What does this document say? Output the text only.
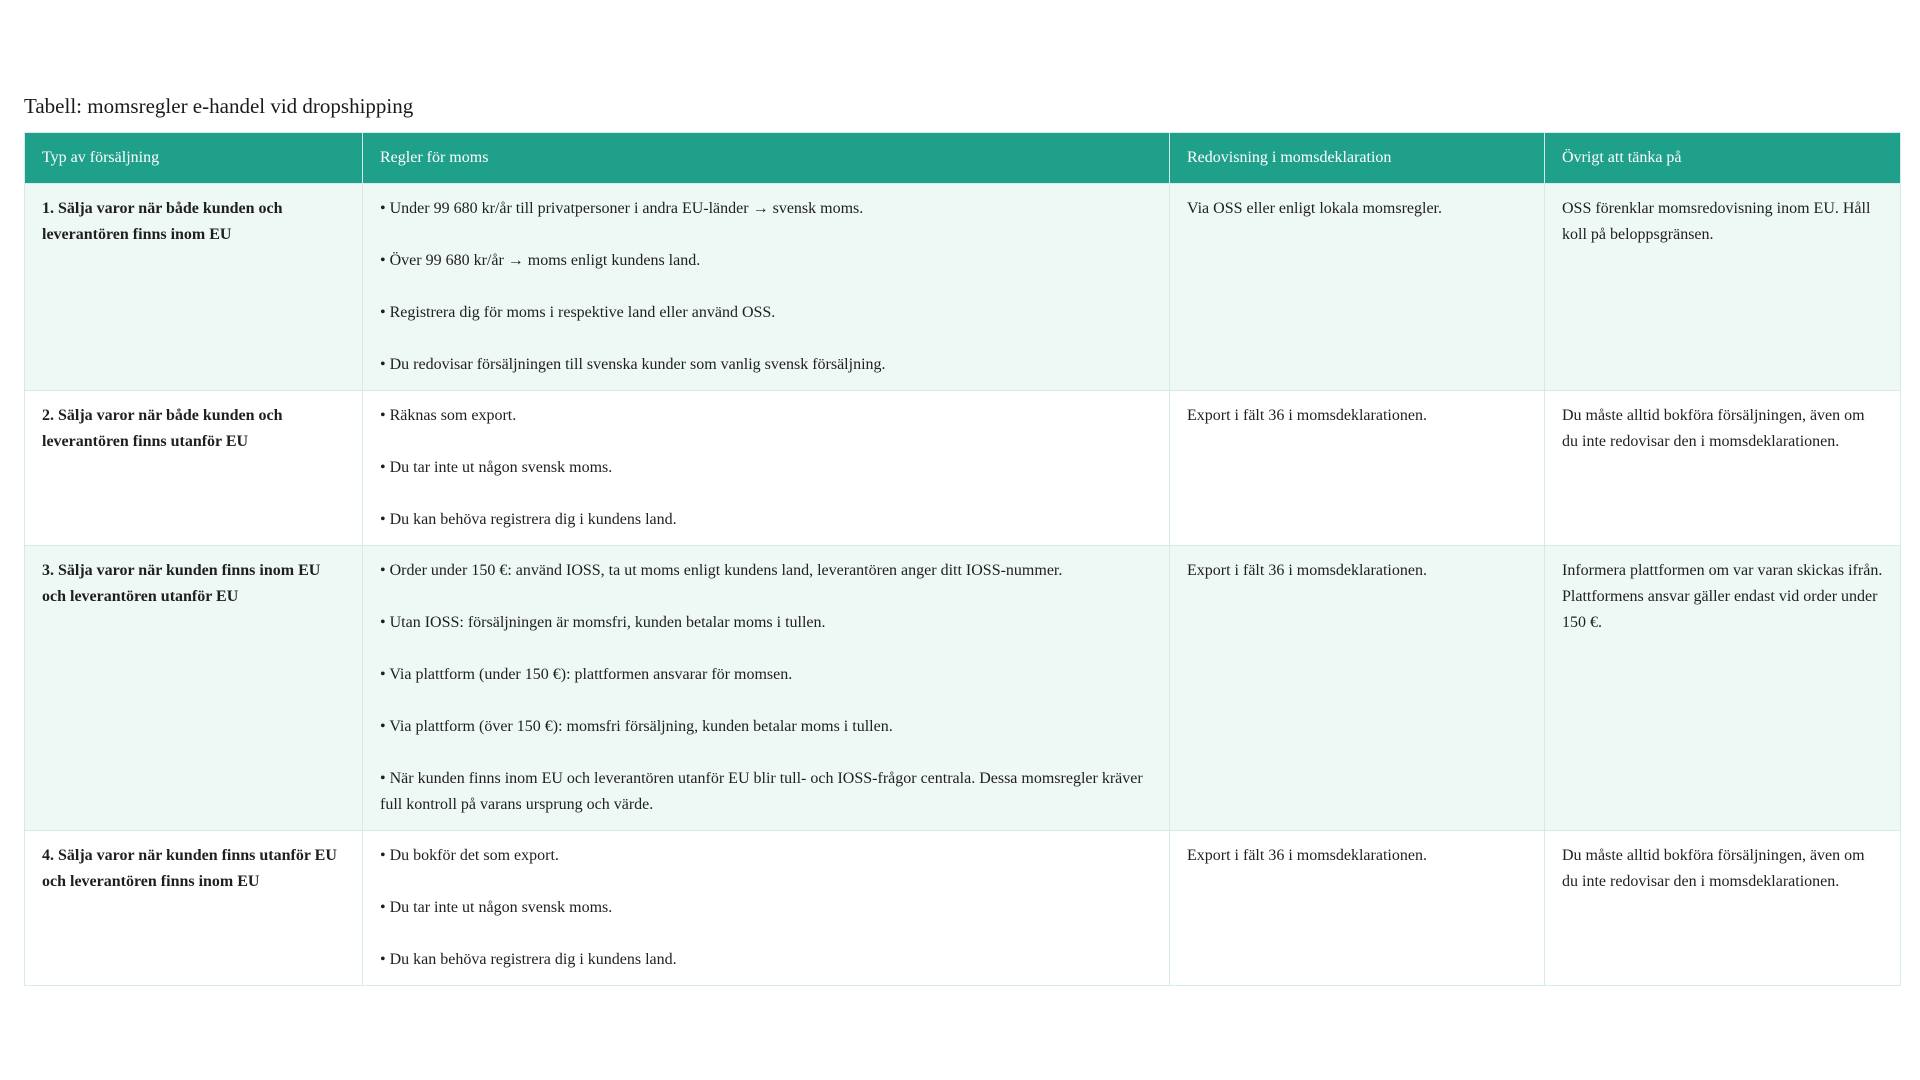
Tabell: momsregler e-handel vid dropshipping
Typ av försäljning	Regler för moms	Redovisning i momsdeklaration	Övrigt att tänka på
1. Sälja varor när både kunden och leverantören finns inom EU	• Under 99 680 kr/år till privatpersoner i andra EU-länder → svensk moms.
• Över 99 680 kr/år → moms enligt kundens land.
• Registrera dig för moms i respektive land eller använd OSS.
• Du redovisar försäljningen till svenska kunder som vanlig svensk försäljning.	Via OSS eller enligt lokala momsregler.	OSS förenklar momsredovisning inom EU. Håll koll på beloppsgränsen.
2. Sälja varor när både kunden och leverantören finns utanför EU	• Räknas som export.
• Du tar inte ut någon svensk moms.
• Du kan behöva registrera dig i kundens land.	Export i fält 36 i momsdeklarationen.	Du måste alltid bokföra försäljningen, även om du inte redovisar den i momsdeklarationen.
3. Sälja varor när kunden finns inom EU och leverantören utanför EU	• Order under 150 €: använd IOSS, ta ut moms enligt kundens land, leverantören anger ditt IOSS-nummer.
• Utan IOSS: försäljningen är momsfri, kunden betalar moms i tullen.
• Via plattform (under 150 €): plattformen ansvarar för momsen.
• Via plattform (över 150 €): momsfri försäljning, kunden betalar moms i tullen.
• När kunden finns inom EU och leverantören utanför EU blir tull- och IOSS-frågor centrala. Dessa momsregler kräver full kontroll på varans ursprung och värde.	Export i fält 36 i momsdeklarationen.	Informera plattformen om var varan skickas ifrån. Plattformens ansvar gäller endast vid order under 150 €.
4. Sälja varor när kunden finns utanför EU och leverantören finns inom EU	• Du bokför det som export.
• Du tar inte ut någon svensk moms.
• Du kan behöva registrera dig i kundens land.	Export i fält 36 i momsdeklarationen.	Du måste alltid bokföra försäljningen, även om du inte redovisar den i momsdeklarationen.
